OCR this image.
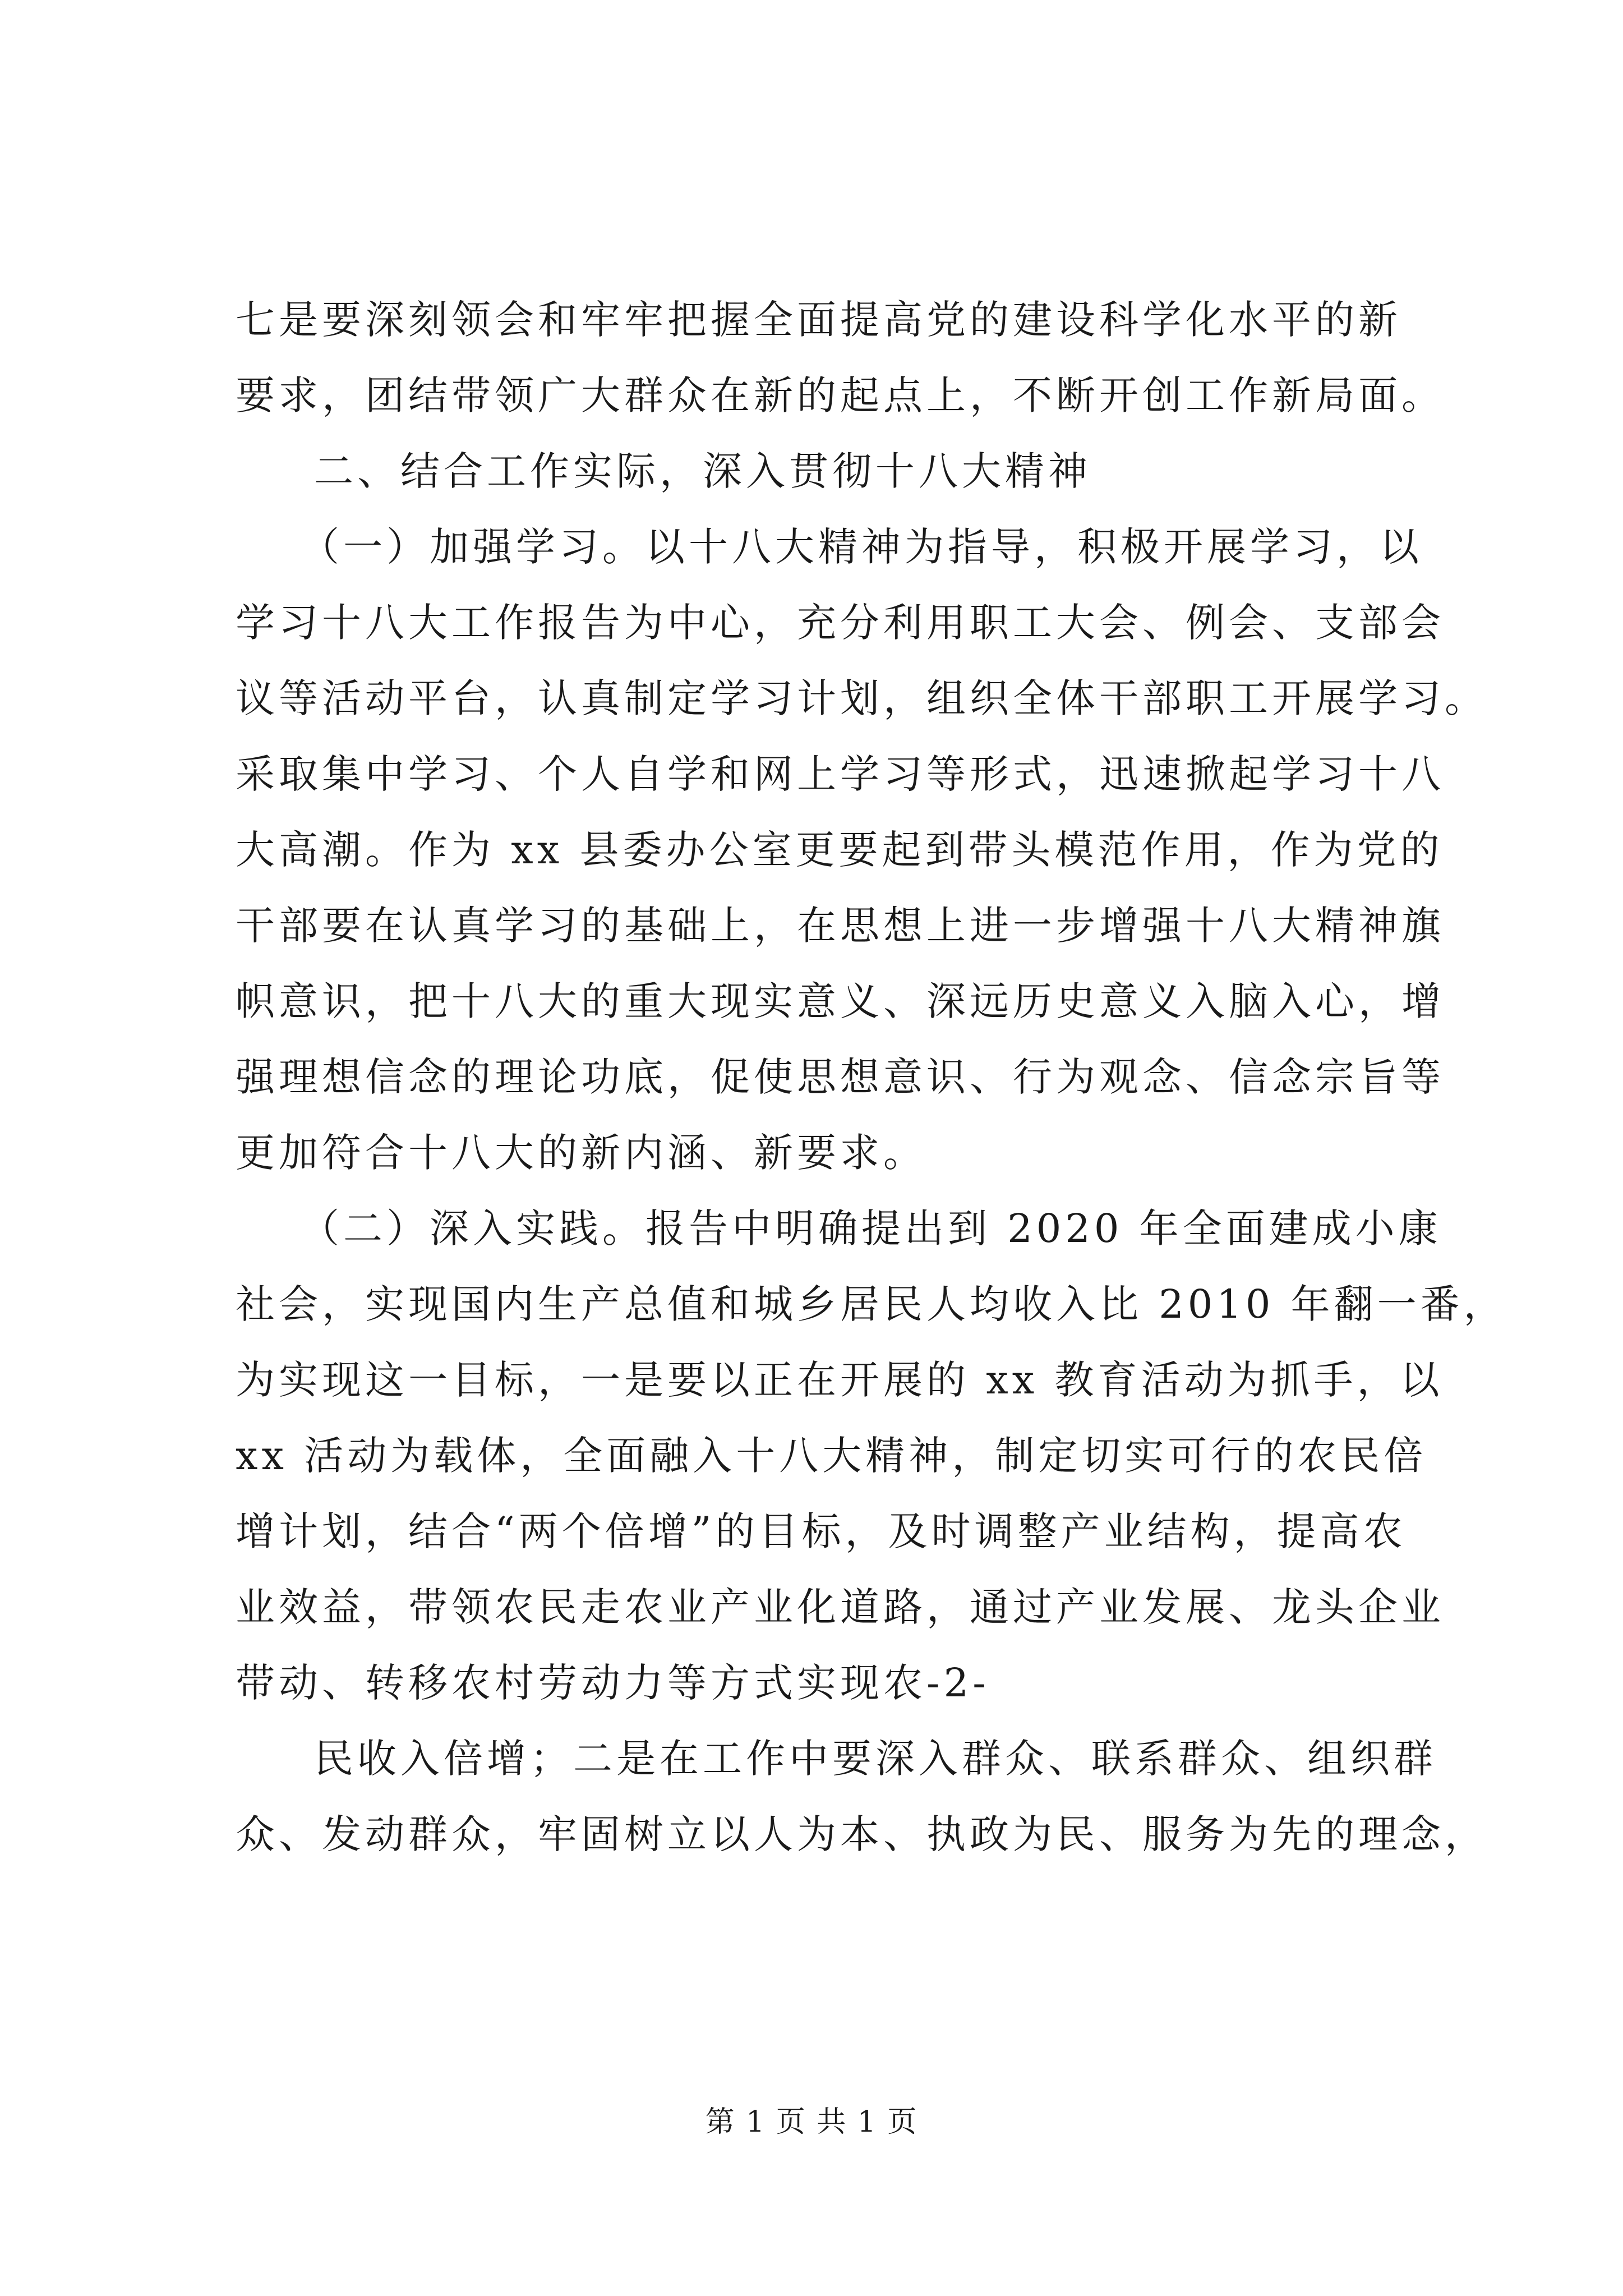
七是要深刻领会和牢牢把握全面提高党的建设科学化水平的新
要求，团结带领广大群众在新的起点上，不断开创工作新局面。
二、结合工作实际，深入贯彻十八大精神
（一）加强学习。以十八大精神为指导，积极开展学习，以
学习十八大工作报告为中心，充分利用职工大会、例会、支部会
议等活动平台，认真制定学习计划，组织全体干部职工开展学习。
采取集中学习、个人自学和网上学习等形式，迅速掀起学习十八
大高潮。作为 xx 县委办公室更要起到带头模范作用，作为党的
干部要在认真学习的基础上，在思想上进一步增强十八大精神旗
帜意识，把十八大的重大现实意义、深远历史意义入脑入心，增
强理想信念的理论功底，促使思想意识、行为观念、信念宗旨等
更加符合十八大的新内涵、新要求。
（二）深入实践。报告中明确提出到 2020 年全面建成小康
社会，实现国内生产总值和城乡居民人均收入比 2010 年翻一番，
为实现这一目标，一是要以正在开展的 xx 教育活动为抓手，以
xx 活动为载体，全面融入十八大精神，制定切实可行的农民倍
增计划，结合“两个倍增”的目标，及时调整产业结构，提高农
业效益，带领农民走农业产业化道路，通过产业发展、龙头企业
带动、转移农村劳动力等方式实现农-2-
民收入倍增；二是在工作中要深入群众、联系群众、组织群
众、发动群众，牢固树立以人为本、执政为民、服务为先的理念，
第 1 页 共 1 页
